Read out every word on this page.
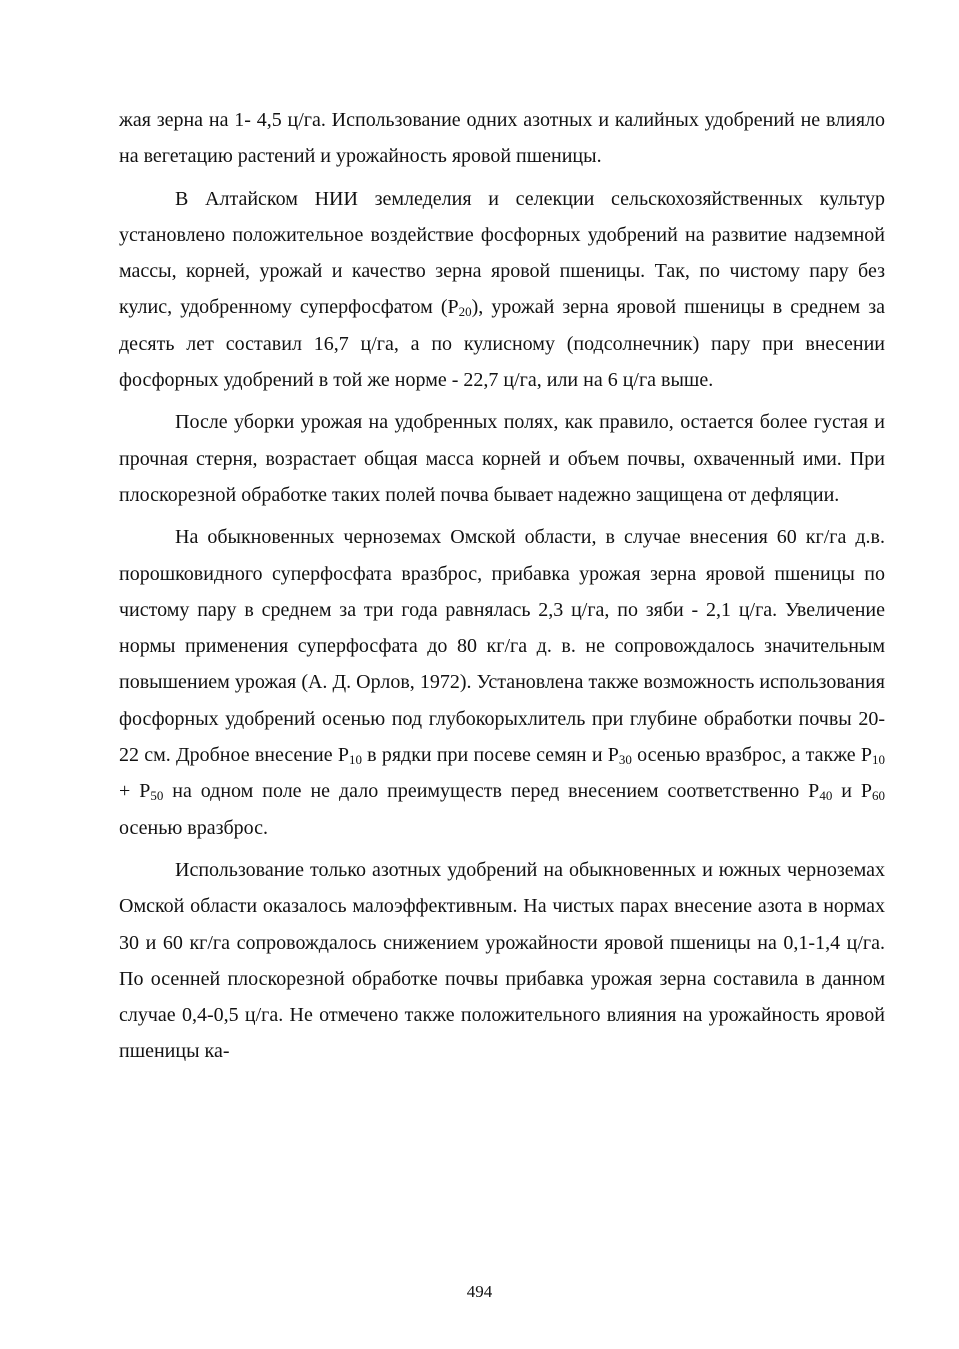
жая зерна на 1- 4,5 ц/га. Использование одних азотных и калийных удобрений не влияло на вегетацию растений и урожайность яровой пшеницы.

В Алтайском НИИ земледелия и селекции сельскохозяйственных культур установлено положительное воздействие фосфорных удобрений на развитие надземной массы, корней, урожай и качество зерна яровой пшеницы. Так, по чистому пару без кулис, удобренному суперфосфатом $(Р_{20})$, урожай зерна яровой пшеницы в среднем за десять лет составил 16,7 ц/га, а по кулисному (подсолнечник) пару при внесении фосфорных удобрений в той же норме - 22,7 ц/га, или на 6 ц/га выше.

После уборки урожая на удобренных полях, как правило, остается более густая и прочная стерня, возрастает общая масса корней и объем почвы, охваченный ими. При плоскорезной обработке таких полей почва бывает надежно защищена от дефляции.

На обыкновенных черноземах Омской области, в случае внесения 60 кг/га д.в. порошковидного суперфосфата вразброс, прибавка урожая зерна яровой пшеницы по чистому пару в среднем за три года равнялась 2,3 ц/га, по зяби - 2,1 ц/га. Увеличение нормы применения суперфосфата до 80 кг/га д. в. не сопровождалось значительным повышением урожая (А. Д. Орлов, 1972). Установлена также возможность использования фосфорных удобрений осенью под глубокорыхлитель при глубине обработки почвы 20-22 см. Дробное внесение $Р_{10}$ в рядки при посеве семян и $Р_{30}$ осенью вразброс, а также $Р_{10} + Р_{50}$ на одном поле не дало преимуществ перед внесением соответственно $Р_{40}$ и $Р_{60}$ осенью вразброс.

Использование только азотных удобрений на обыкновенных и южных черноземах Омской области оказалось малоэффективным. На чистых парах внесение азота в нормах 30 и 60 кг/га сопровождалось снижением урожайности яровой пшеницы на 0,1-1,4 ц/га. По осенней плоскорезной обработке почвы прибавка урожая зерна составила в данном случае 0,4-0,5 ц/га. Не отмечено также положительного влияния на урожайность яровой пшеницы ка-

494
